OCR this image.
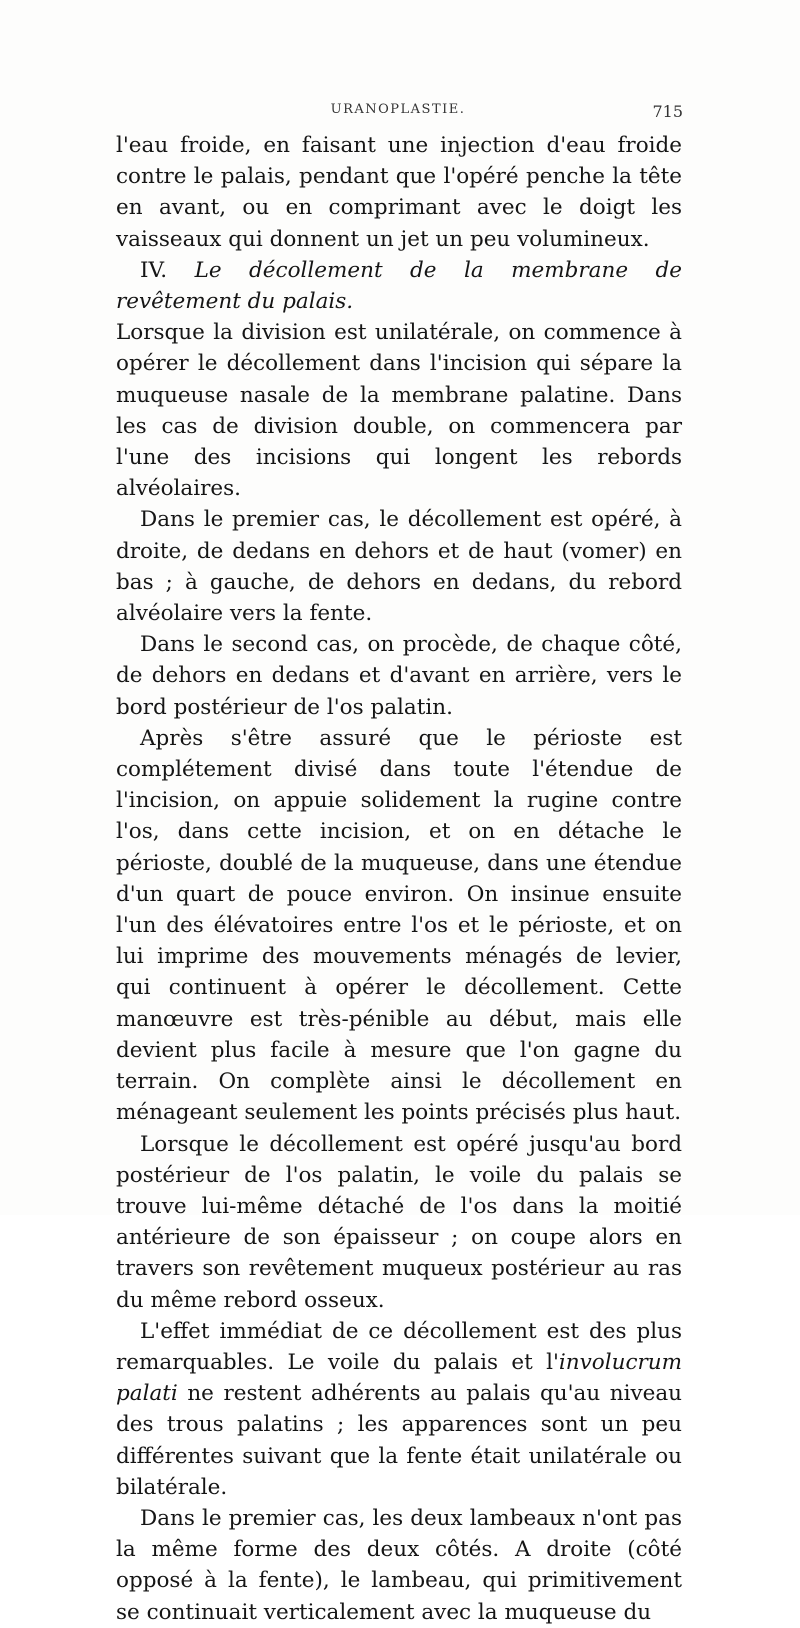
URANOPLASTIE.	715

l'eau froide, en faisant une injection d'eau froide contre le palais, pendant que l'opéré penche la tête en avant, ou en comprimant avec le doigt les vaisseaux qui donnent un jet un peu volumineux.

IV. Le décollement de la membrane de revêtement du palais.

Lorsque la division est unilatérale, on commence à opérer le décollement dans l'incision qui sépare la muqueuse nasale de la membrane palatine. Dans les cas de division double, on commencera par l'une des incisions qui longent les rebords alvéolaires.

Dans le premier cas, le décollement est opéré, à droite, de dedans en dehors et de haut (vomer) en bas ; à gauche, de dehors en dedans, du rebord alvéolaire vers la fente.

Dans le second cas, on procède, de chaque côté, de dehors en dedans et d'avant en arrière, vers le bord postérieur de l'os palatin.

Après s'être assuré que le périoste est complétement divisé dans toute l'étendue de l'incision, on appuie solidement la rugine contre l'os, dans cette incision, et on en détache le périoste, doublé de la muqueuse, dans une étendue d'un quart de pouce environ. On insinue ensuite l'un des élévatoires entre l'os et le périoste, et on lui imprime des mouvements ménagés de levier, qui continuent à opérer le décollement. Cette manœuvre est très-pénible au début, mais elle devient plus facile à mesure que l'on gagne du terrain. On complète ainsi le décollement en ménageant seulement les points précisés plus haut.

Lorsque le décollement est opéré jusqu'au bord postérieur de l'os palatin, le voile du palais se trouve lui-même détaché de l'os dans la moitié antérieure de son épaisseur ; on coupe alors en travers son revêtement muqueux postérieur au ras du même rebord osseux.

L'effet immédiat de ce décollement est des plus remarquables. Le voile du palais et l'involucrum palati ne restent adhérents au palais qu'au niveau des trous palatins ; les apparences sont un peu différentes suivant que la fente était unilatérale ou bilatérale.

Dans le premier cas, les deux lambeaux n'ont pas la même forme des deux côtés. A droite (côté opposé à la fente), le lambeau, qui primitivement se continuait verticalement avec la muqueuse du
